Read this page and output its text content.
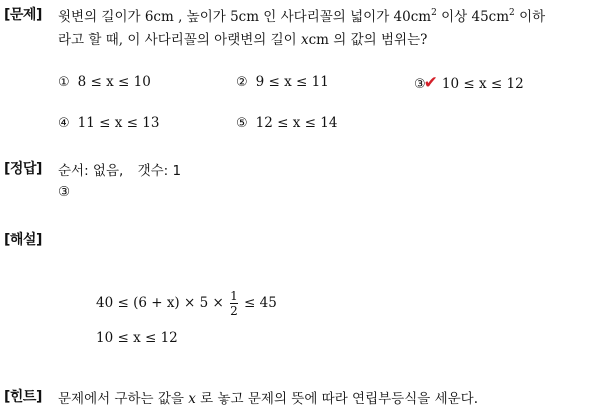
[문제] 윗변의 길이가 6cm , 높이가 5cm 인 사다리꼴의 넓이가 $40cm^2$ 이상 $45cm^2$ 이하
라고 할 때, 이 사다리꼴의 아랫변의 길이 xcm 의 값의 범위는?
① 8 ≤ x ≤ 10	② 9 ≤ x ≤ 11	③✔ 10 ≤ x ≤ 12
④ 11 ≤ x ≤ 13	⑤ 12 ≤ x ≤ 14
[정답] 순서: 없음, 갯수: 1
③
[해설]
$40 \le (6 + x) \times 5 \times \frac{1}{2} \le 45$
10 ≤ x ≤ 12
[힌트] 문제에서 구하는 값을 x 로 놓고 문제의 뜻에 따라 연립부등식을 세운다.
